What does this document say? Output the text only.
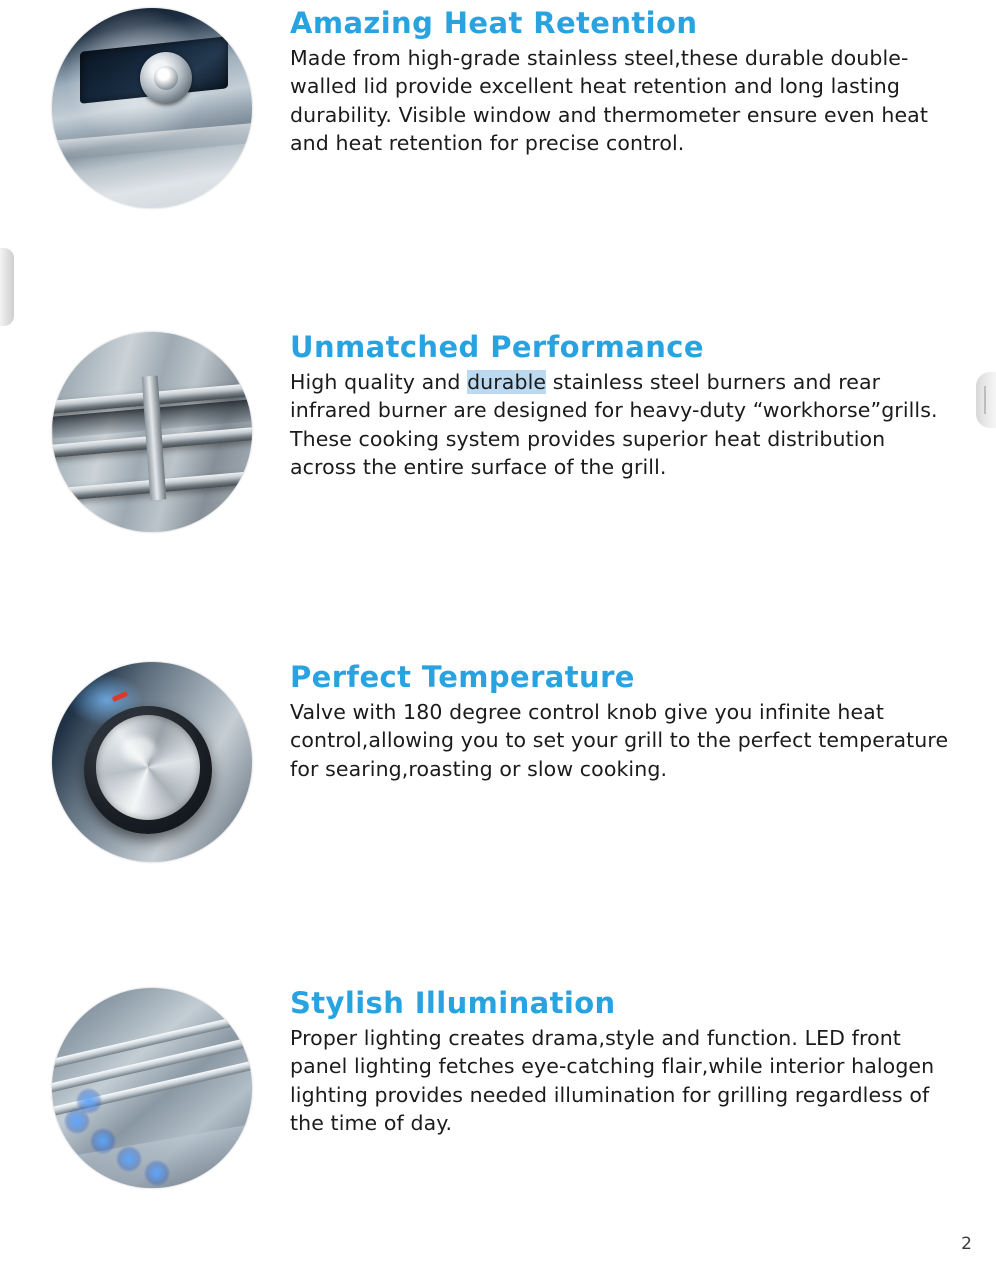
Amazing Heat Retention

Made from high-grade stainless steel,these durable double-walled lid provide excellent heat retention and long lasting durability. Visible window and thermometer ensure even heat and heat retention for precise control.

Unmatched Performance

High quality and durable stainless steel burners and rear infrared burner are designed for heavy-duty “workhorse”grills. These cooking system provides superior heat distribution across the entire surface of the grill.

Perfect Temperature

Valve with 180 degree control knob give you infinite heat control,allowing you to set your grill to the perfect temperature for searing,roasting or slow cooking.

Stylish Illumination

Proper lighting creates drama,style and function. LED front panel lighting fetches eye-catching flair,while interior halogen lighting provides needed illumination for grilling regardless of the time of day.

2
